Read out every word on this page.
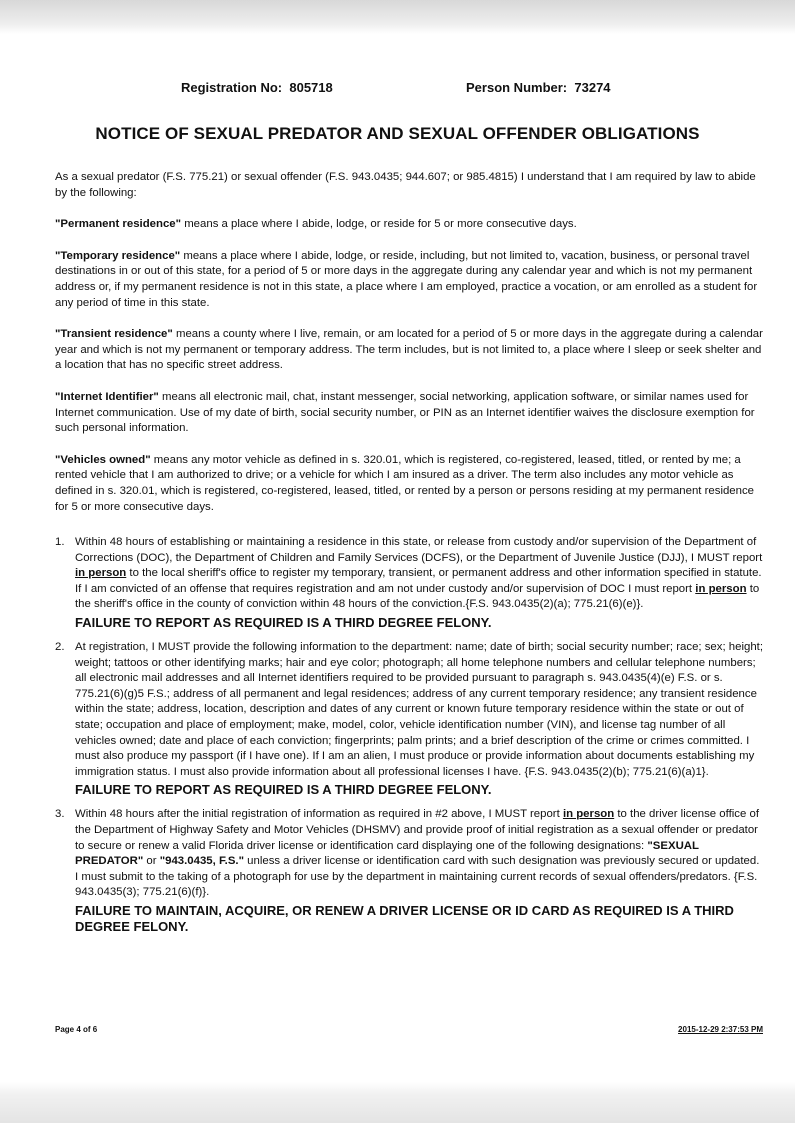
Registration No: 805718	Person Number: 73274
NOTICE OF SEXUAL PREDATOR AND SEXUAL OFFENDER OBLIGATIONS

As a sexual predator (F.S. 775.21) or sexual offender (F.S. 943.0435; 944.607; or 985.4815) I understand that I am required by law to abide by the following:

"Permanent residence" means a place where I abide, lodge, or reside for 5 or more consecutive days.

"Temporary residence" means a place where I abide, lodge, or reside, including, but not limited to, vacation, business, or personal travel destinations in or out of this state, for a period of 5 or more days in the aggregate during any calendar year and which is not my permanent address or, if my permanent residence is not in this state, a place where I am employed, practice a vocation, or am enrolled as a student for any period of time in this state.

"Transient residence" means a county where I live, remain, or am located for a period of 5 or more days in the aggregate during a calendar year and which is not my permanent or temporary address. The term includes, but is not limited to, a place where I sleep or seek shelter and a location that has no specific street address.

"Internet Identifier" means all electronic mail, chat, instant messenger, social networking, application software, or similar names used for Internet communication. Use of my date of birth, social security number, or PIN as an Internet identifier waives the disclosure exemption for such personal information.

"Vehicles owned" means any motor vehicle as defined in s. 320.01, which is registered, co-registered, leased, titled, or rented by me; a rented vehicle that I am authorized to drive; or a vehicle for which I am insured as a driver. The term also includes any motor vehicle as defined in s. 320.01, which is registered, co-registered, leased, titled, or rented by a person or persons residing at my permanent residence for 5 or more consecutive days.

1. Within 48 hours of establishing or maintaining a residence in this state, or release from custody and/or supervision of the Department of Corrections (DOC), the Department of Children and Family Services (DCFS), or the Department of Juvenile Justice (DJJ), I MUST report in person to the local sheriff's office to register my temporary, transient, or permanent address and other information specified in statute. If I am convicted of an offense that requires registration and am not under custody and/or supervision of DOC I must report in person to the sheriff's office in the county of conviction within 48 hours of the conviction.{F.S. 943.0435(2)(a); 775.21(6)(e)}.
FAILURE TO REPORT AS REQUIRED IS A THIRD DEGREE FELONY.
2. At registration, I MUST provide the following information to the department: name; date of birth; social security number; race; sex; height; weight; tattoos or other identifying marks; hair and eye color; photograph; all home telephone numbers and cellular telephone numbers; all electronic mail addresses and all Internet identifiers required to be provided pursuant to paragraph s. 943.0435(4)(e) F.S. or s. 775.21(6)(g)5 F.S.; address of all permanent and legal residences; address of any current temporary residence; any transient residence within the state; address, location, description and dates of any current or known future temporary residence within the state or out of state; occupation and place of employment; make, model, color, vehicle identification number (VIN), and license tag number of all vehicles owned; date and place of each conviction; fingerprints; palm prints; and a brief description of the crime or crimes committed. I must also produce my passport (if I have one). If I am an alien, I must produce or provide information about documents establishing my immigration status. I must also provide information about all professional licenses I have. {F.S. 943.0435(2)(b); 775.21(6)(a)1}.
FAILURE TO REPORT AS REQUIRED IS A THIRD DEGREE FELONY.
3. Within 48 hours after the initial registration of information as required in #2 above, I MUST report in person to the driver license office of the Department of Highway Safety and Motor Vehicles (DHSMV) and provide proof of initial registration as a sexual offender or predator to secure or renew a valid Florida driver license or identification card displaying one of the following designations: "SEXUAL PREDATOR" or "943.0435, F.S." unless a driver license or identification card with such designation was previously secured or updated. I must submit to the taking of a photograph for use by the department in maintaining current records of sexual offenders/predators. {F.S. 943.0435(3); 775.21(6)(f)}.
FAILURE TO MAINTAIN, ACQUIRE, OR RENEW A DRIVER LICENSE OR ID CARD AS REQUIRED IS A THIRD DEGREE FELONY.
Page 4 of 6	2015-12-29 2:37:53 PM
